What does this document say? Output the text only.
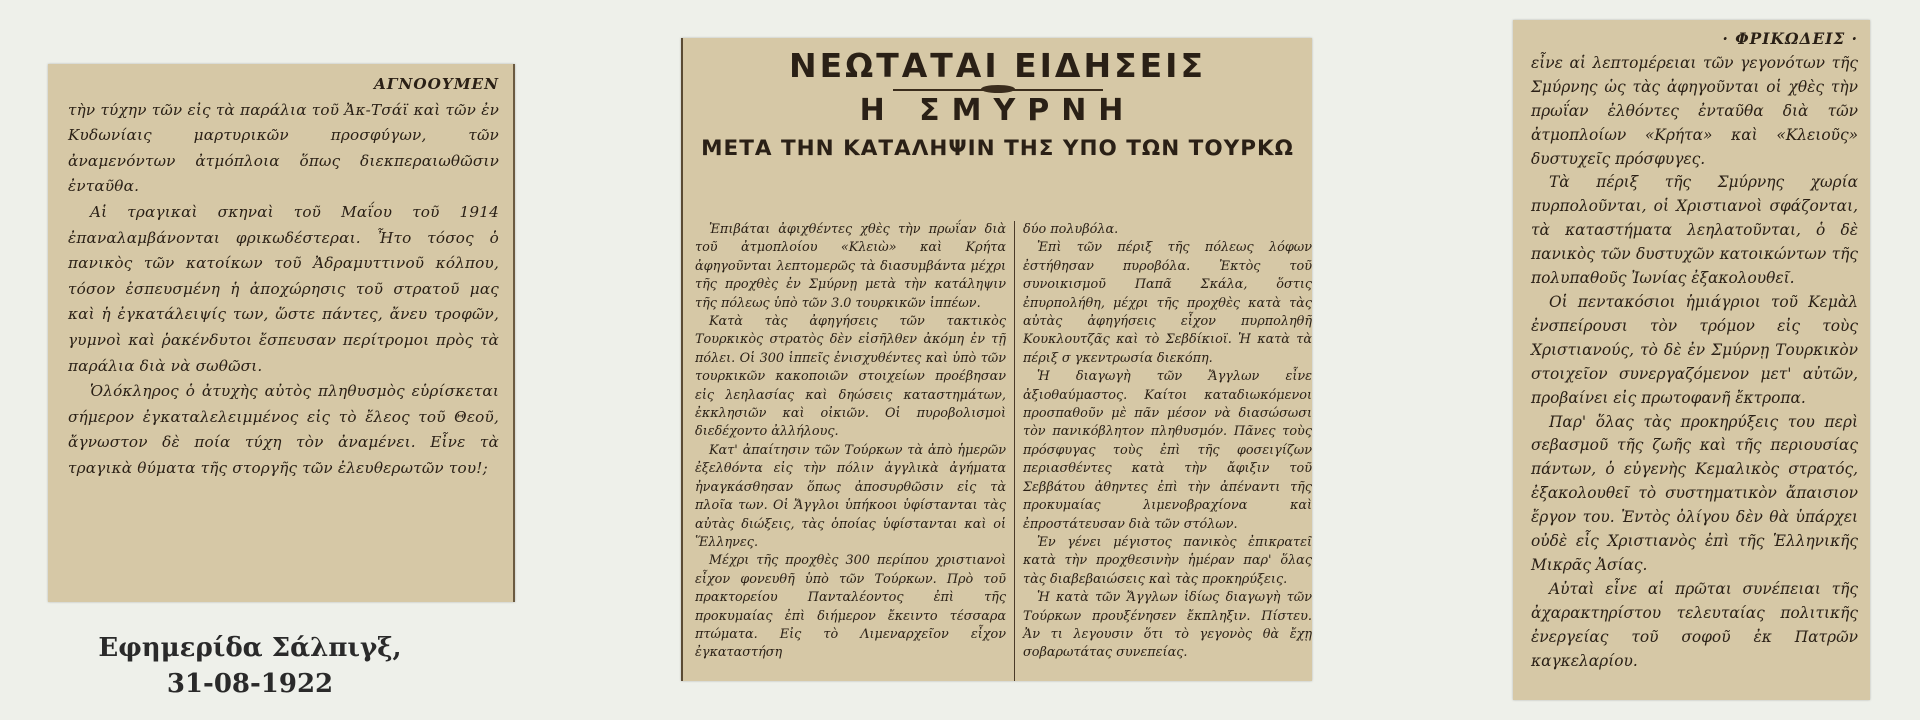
ΑΓΝΟΟΥΜΕΝ

τὴν τύχην τῶν εἰς τὰ παράλια τοῦ Ἀκ-Τσάϊ καὶ τῶν ἐν Κυδωνίαις μαρτυρικῶν προσφύγων, τῶν ἀναμενόντων ἀτμόπλοια ὅπως διεκπεραιωθῶσιν ἐνταῦθα.

Αἱ τραγικαὶ σκηναὶ τοῦ Μαΐου τοῦ 1914 ἐπαναλαμβάνονται φρικωδέστεραι. Ἦτο τόσος ὁ πανικὸς τῶν κατοίκων τοῦ Ἀδραμυττινοῦ κόλπου, τόσον ἐσπευσμένη ἡ ἀποχώρησις τοῦ στρατοῦ μας καὶ ἡ ἐγκατάλειψίς των, ὥστε πάντες, ἄνευ τροφῶν, γυμνοὶ καὶ ῥακένδυτοι ἔσπευσαν περίτρομοι πρὸς τὰ παράλια διὰ νὰ σωθῶσι.

Ὁλόκληρος ὁ ἀτυχὴς αὐτὸς πληθυσμὸς εὑρίσκεται σήμερον ἐγκαταλελειμμένος εἰς τὸ ἔλεος τοῦ Θεοῦ, ἄγνωστον δὲ ποία τύχη τὸν ἀναμένει. Εἶνε τὰ τραγικὰ θύματα τῆς στοργῆς τῶν ἐλευθερωτῶν του!;

ΝΕΩΤΑΤΑΙ ΕΙΔΗΣΕΙΣ
Η ΣΜΥΡΝΗ
ΜΕΤΑ ΤΗΝ ΚΑΤΑΛΗΨΙΝ ΤΗΣ ΥΠΟ ΤΩΝ ΤΟΥΡΚΩ

Ἐπιβάται ἀφιχθέντες χθὲς τὴν πρωΐαν διὰ τοῦ ἀτμοπλοίου «Κλειὼ» καὶ Κρήτα ἀφηγοῦνται λεπτομερῶς τὰ διασυμβάντα μέχρι τῆς προχθὲς ἐν Σμύρνῃ μετὰ τὴν κατάληψιν τῆς πόλεως ὑπὸ τῶν 3.0 τουρκικῶν ἱππέων.

Κατὰ τὰς ἀφηγήσεις τῶν τακτικὸς Τουρκικὸς στρατὸς δὲν εἰσῆλθεν ἀκόμη ἐν τῇ πόλει. Οἱ 300 ἱππεῖς ἐνισχυθέντες καὶ ὑπὸ τῶν τουρκικῶν κακοποιῶν στοιχείων προέβησαν εἰς λεηλασίας καὶ δηώσεις καταστημάτων, ἐκκλησιῶν καὶ οἰκιῶν. Οἱ πυροβολισμοὶ διεδέχοντο ἀλλήλους.

Κατ' ἀπαίτησιν τῶν Τούρκων τὰ ἀπὸ ἡμερῶν ἐξελθόντα εἰς τὴν πόλιν ἀγγλικὰ ἀγήματα ἠναγκάσθησαν ὅπως ἀποσυρθῶσιν εἰς τὰ πλοῖα των. Οἱ Ἄγγλοι ὑπήκοοι ὑφίστανται τὰς αὐτὰς διώξεις, τὰς ὁποίας ὑφίστανται καὶ οἱ Ἕλληνες.

Μέχρι τῆς προχθὲς 300 περίπου χριστιανοὶ εἶχον φονευθῆ ὑπὸ τῶν Τούρκων. Πρὸ τοῦ πρακτορείου Πανταλέοντος ἐπὶ τῆς προκυμαίας ἐπὶ διήμερον ἔκειντο τέσσαρα πτώματα. Εἰς τὸ Λιμεναρχεῖον εἶχον ἐγκαταστήση

δύο πολυβόλα.

Ἐπὶ τῶν πέριξ τῆς πόλεως λόφων ἐστήθησαν πυροβόλα. Ἐκτὸς τοῦ συνοικισμοῦ Παπᾶ Σκάλα, ὅστις ἐπυρπολήθη, μέχρι τῆς προχθὲς κατὰ τὰς αὐτὰς ἀφηγήσεις εἶχον πυρποληθῆ Κουκλουτζᾶς καὶ τὸ Σεβδίκιοϊ. Ἡ κατὰ τὰ πέριξ σ γκεντρωσία διεκόπη.

Ἡ διαγωγὴ τῶν Ἄγγλων εἶνε ἀξιοθαύμαστος. Καίτοι καταδιωκόμενοι προσπαθοῦν μὲ πᾶν μέσον νὰ διασώσωσι τὸν πανικόβλητον πληθυσμόν. Πᾶνες τοὺς πρόσφυγας τοὺς ἐπὶ τῆς φοσειγίζων περιασθέντες κατὰ τὴν ἄφιξιν τοῦ Σεββάτου ἀθηντες ἐπὶ τὴν ἀπέναντι τῆς προκυμαίας λιμενοβραχίονα καὶ ἐπροστάτευσαν διὰ τῶν στόλων.

Ἐν γένει μέγιστος πανικὸς ἐπικρατεῖ κατὰ τὴν προχθεσινὴν ἡμέραν παρ' ὅλας τὰς διαβεβαιώσεις καὶ τὰς προκηρύξεις.

Ἡ κατὰ τῶν Ἄγγλων ἰδίως διαγωγὴ τῶν Τούρκων προυξένησεν ἔκπληξιν. Πίστευ. Ἀν τι λεγουσιν ὅτι τὸ γεγονὸς θὰ ἔχῃ σοβαρωτάτας συνεπείας.

· ΦΡΙΚΩΔΕΙΣ ·

εἶνε αἱ λεπτομέρειαι τῶν γεγονότων τῆς Σμύρνης ὡς τὰς ἀφηγοῦνται οἱ χθὲς τὴν πρωΐαν ἐλθόντες ἐνταῦθα διὰ τῶν ἀτμοπλοίων «Κρήτα» καὶ «Κλειοῦς» δυστυχεῖς πρόσφυγες.

Τὰ πέριξ τῆς Σμύρνης χωρία πυρπολοῦνται, οἱ Χριστιανοὶ σφάζονται, τὰ καταστήματα λεηλατοῦνται, ὁ δὲ πανικὸς τῶν δυστυχῶν κατοικώντων τῆς πολυπαθοῦς Ἰωνίας ἐξακολουθεῖ.

Οἱ πεντακόσιοι ἡμιάγριοι τοῦ Κεμὰλ ἐνσπείρουσι τὸν τρόμον εἰς τοὺς Χριστιανούς, τὸ δὲ ἐν Σμύρνῃ Τουρκικὸν στοιχεῖον συνεργαζόμενον μετ' αὐτῶν, προβαίνει εἰς πρωτοφανῆ ἔκτροπα.

Παρ' ὅλας τὰς προκηρύξεις του περὶ σεβασμοῦ τῆς ζωῆς καὶ τῆς περιουσίας πάντων, ὁ εὐγενὴς Κεμαλικὸς στρατός, ἐξακολουθεῖ τὸ συστηματικὸν ἄπαισιον ἔργον του. Ἐντὸς ὀλίγου δὲν θὰ ὑπάρχει οὐδὲ εἷς Χριστιανὸς ἐπὶ τῆς Ἑλληνικῆς Μικρᾶς Ἀσίας.

Αὐταὶ εἶνε αἱ πρῶται συνέπειαι τῆς ἀχαρακτηρίστου τελευταίας πολιτικῆς ἐνεργείας τοῦ σοφοῦ ἐκ Πατρῶν καγκελαρίου.

Εφημερίδα Σάλπιγξ,
31-08-1922
